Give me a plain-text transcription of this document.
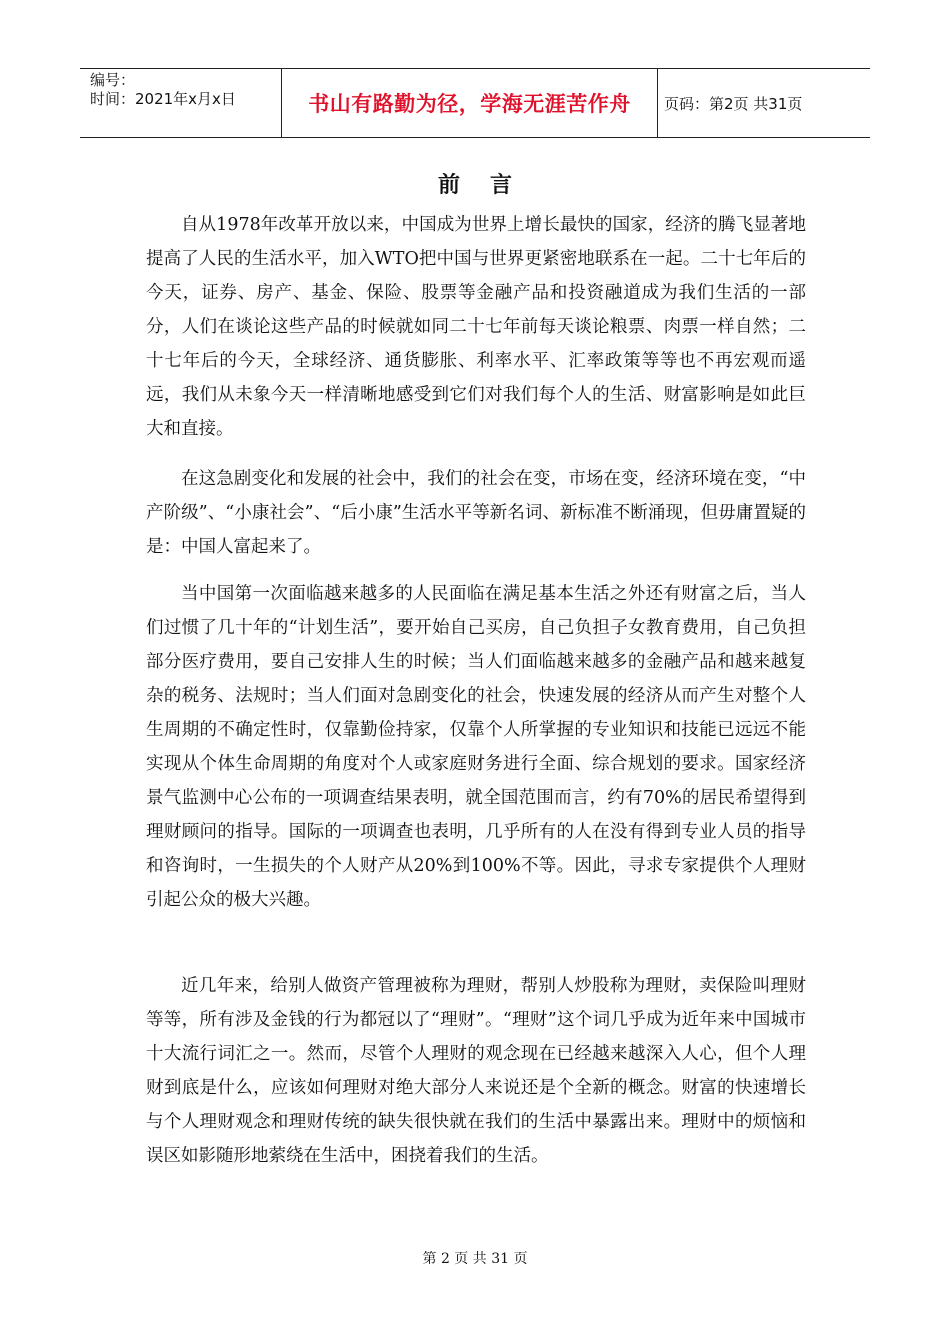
编号：
时间：2021年x月x日	书山有路勤为径，学海无涯苦作舟	页码：第2页 共31页
前言

自从1978年改革开放以来，中国成为世界上增长最快的国家，经济的腾飞显著地提高了人民的生活水平，加入WTO把中国与世界更紧密地联系在一起。二十七年后的今天，证券、房产、基金、保险、股票等金融产品和投资融道成为我们生活的一部分，人们在谈论这些产品的时候就如同二十七年前每天谈论粮票、肉票一样自然；二十七年后的今天，全球经济、通货膨胀、利率水平、汇率政策等等也不再宏观而遥远，我们从未象今天一样清晰地感受到它们对我们每个人的生活、财富影响是如此巨大和直接。

在这急剧变化和发展的社会中，我们的社会在变，市场在变，经济环境在变，“中产阶级”、“小康社会”、“后小康”生活水平等新名词、新标准不断涌现，但毋庸置疑的是：中国人富起来了。

当中国第一次面临越来越多的人民面临在满足基本生活之外还有财富之后，当人们过惯了几十年的“计划生活”，要开始自己买房，自己负担子女教育费用，自己负担部分医疗费用，要自己安排人生的时候；当人们面临越来越多的金融产品和越来越复杂的税务、法规时；当人们面对急剧变化的社会，快速发展的经济从而产生对整个人生周期的不确定性时，仅靠勤俭持家，仅靠个人所掌握的专业知识和技能已远远不能实现从个体生命周期的角度对个人或家庭财务进行全面、综合规划的要求。国家经济景气监测中心公布的一项调查结果表明，就全国范围而言，约有70%的居民希望得到理财顾问的指导。国际的一项调查也表明，几乎所有的人在没有得到专业人员的指导和咨询时，一生损失的个人财产从20%到100%不等。因此，寻求专家提供个人理财引起公众的极大兴趣。

近几年来，给别人做资产管理被称为理财，帮别人炒股称为理财，卖保险叫理财等等，所有涉及金钱的行为都冠以了“理财”。“理财”这个词几乎成为近年来中国城市十大流行词汇之一。然而，尽管个人理财的观念现在已经越来越深入人心，但个人理财到底是什么，应该如何理财对绝大部分人来说还是个全新的概念。财富的快速增长与个人理财观念和理财传统的缺失很快就在我们的生活中暴露出来。理财中的烦恼和误区如影随形地萦绕在生活中，困挠着我们的生活。

第 2 页 共 31 页
